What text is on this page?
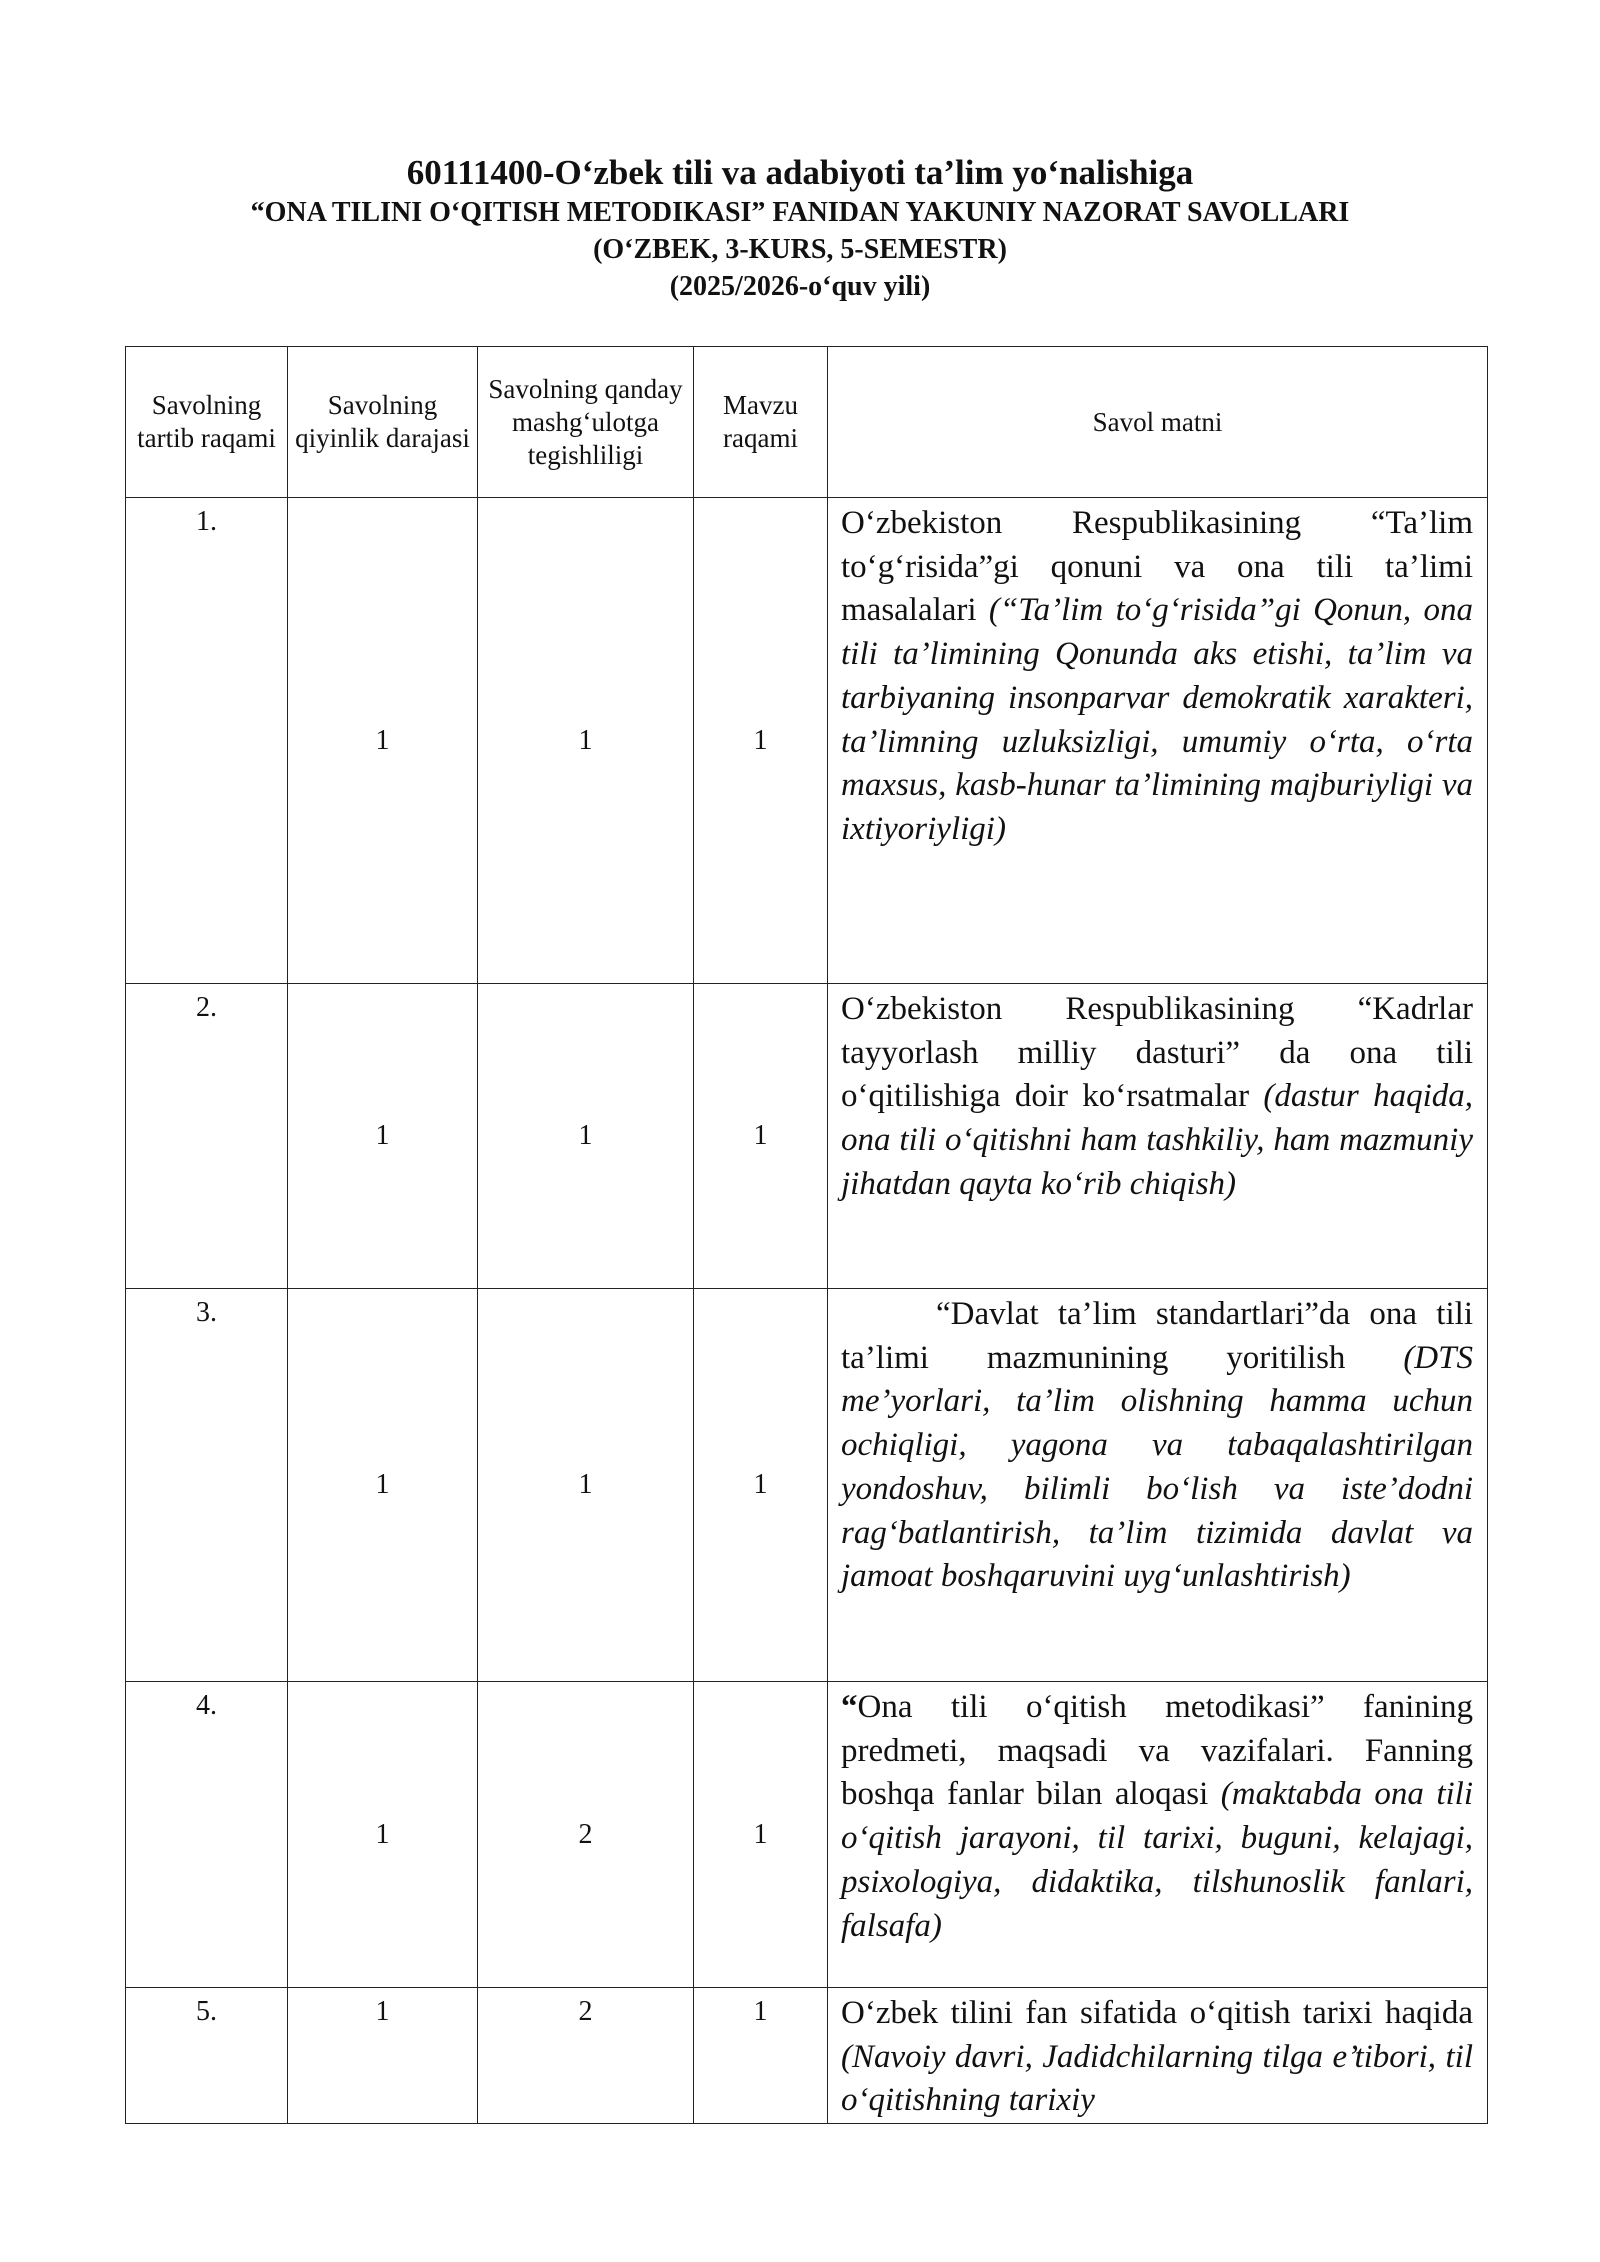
60111400-O‘zbek tili va adabiyoti ta’lim yo‘nalishiga
“ONA TILINI O‘QITISH METODIKASI” FANIDAN YAKUNIY NAZORAT SAVOLLARI
(O‘ZBEK, 3-KURS, 5-SEMESTR)
(2025/2026-o‘quv yili)
Savolning tartib raqami	Savolning qiyinlik darajasi	Savolning qanday mashg‘ulotga tegishliligi	Mavzu raqami	Savol matni
1.	1	1	1	O‘zbekiston Respublikasining “Ta’lim to‘g‘risida”gi qonuni va ona tili ta’limi masalalari (“Ta’lim to‘g‘risida”gi Qonun, ona tili ta’limining Qonunda aks etishi, ta’lim va tarbiyaning insonparvar demokratik xarakteri, ta’limning uzluksizligi, umumiy o‘rta, o‘rta maxsus, kasb-hunar ta’limining majburiyligi va ixtiyoriyligi)

2.	1	1	1	O‘zbekiston Respublikasining “Kadrlar tayyorlash milliy dasturi” da ona tili o‘qitilishiga doir ko‘rsatmalar (dastur haqida, ona tili o‘qitishni ham tashkiliy, ham mazmuniy jihatdan qayta ko‘rib chiqish)

3.	1	1	1	“Davlat ta’lim standartlari”da ona tili ta’limi mazmunining yoritilish (DTS me’yorlari, ta’lim olishning hamma uchun ochiqligi, yagona va tabaqalashtirilgan yondoshuv, bilimli bo‘lish va iste’dodni rag‘batlantirish, ta’lim tizimida davlat va jamoat boshqaruvini uyg‘unlashtirish)

4.	1	2	1	“Ona tili o‘qitish metodikasi” fanining predmeti, maqsadi va vazifalari. Fanning boshqa fanlar bilan aloqasi (maktabda ona tili o‘qitish jarayoni, til tarixi, buguni, kelajagi, psixologiya, didaktika, tilshunoslik fanlari, falsafa)

5.	1	2	1	O‘zbek tilini fan sifatida o‘qitish tarixi haqida (Navoiy davri, Jadidchilarning tilga e’tibori, til o‘qitishning tarixiy
